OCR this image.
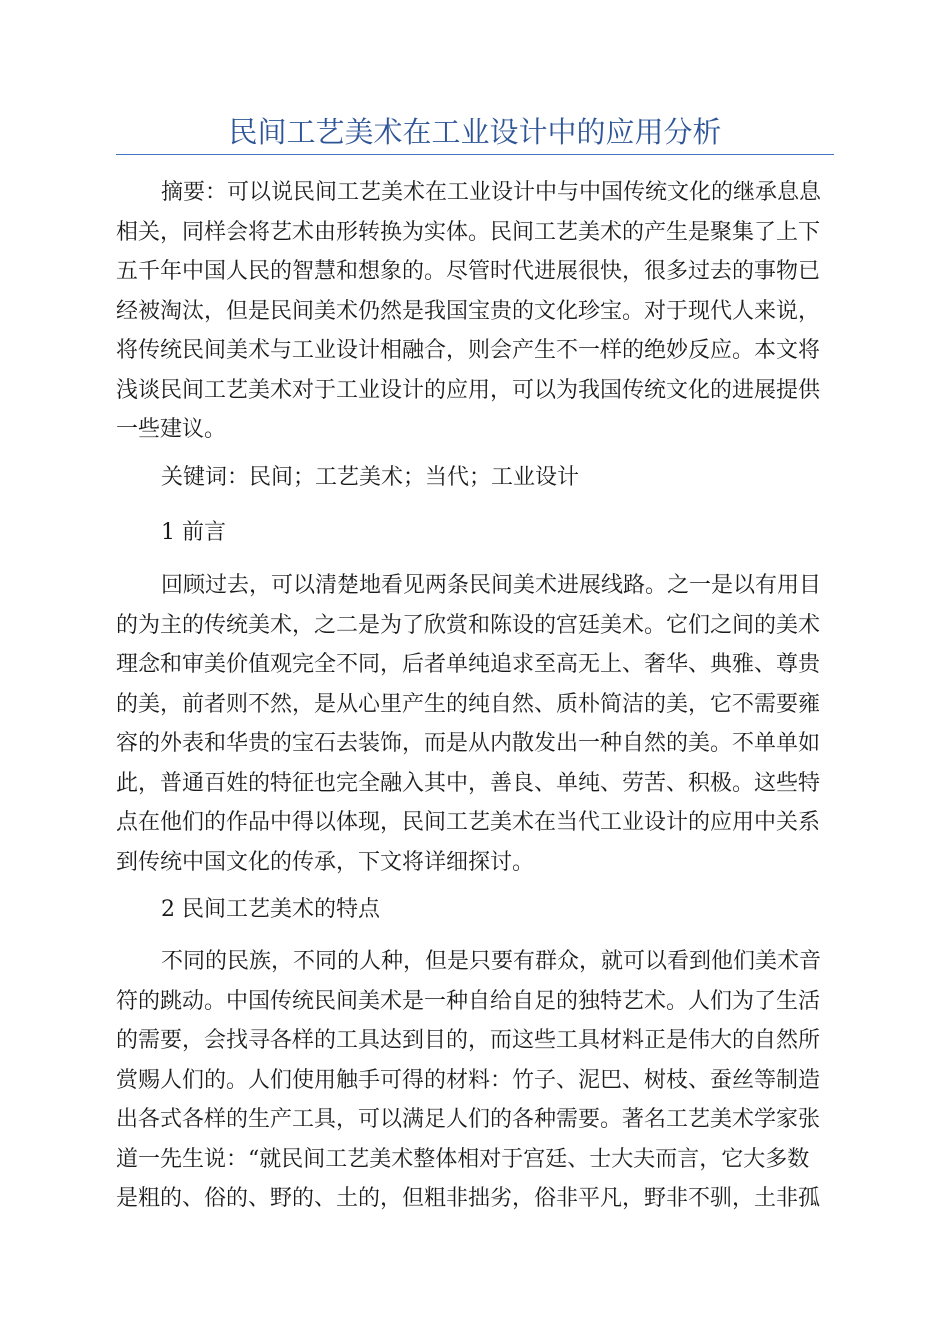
民间工艺美术在工业设计中的应用分析
摘要：可以说民间工艺美术在工业设计中与中国传统文化的继承息息
相关，同样会将艺术由形转换为实体。民间工艺美术的产生是聚集了上下
五千年中国人民的智慧和想象的。尽管时代进展很快，很多过去的事物已
经被淘汰，但是民间美术仍然是我国宝贵的文化珍宝。对于现代人来说，
将传统民间美术与工业设计相融合，则会产生不一样的绝妙反应。本文将
浅谈民间工艺美术对于工业设计的应用，可以为我国传统文化的进展提供
一些建议。
关键词：民间；工艺美术；当代；工业设计
1 前言
回顾过去，可以清楚地看见两条民间美术进展线路。之一是以有用目
的为主的传统美术，之二是为了欣赏和陈设的宫廷美术。它们之间的美术
理念和审美价值观完全不同，后者单纯追求至高无上、奢华、典雅、尊贵
的美，前者则不然，是从心里产生的纯自然、质朴简洁的美，它不需要雍
容的外表和华贵的宝石去装饰，而是从内散发出一种自然的美。不单单如
此，普通百姓的特征也完全融入其中，善良、单纯、劳苦、积极。这些特
点在他们的作品中得以体现，民间工艺美术在当代工业设计的应用中关系
到传统中国文化的传承，下文将详细探讨。
2 民间工艺美术的特点
不同的民族，不同的人种，但是只要有群众，就可以看到他们美术音
符的跳动。中国传统民间美术是一种自给自足的独特艺术。人们为了生活
的需要，会找寻各样的工具达到目的，而这些工具材料正是伟大的自然所
赏赐人们的。人们使用触手可得的材料：竹子、泥巴、树枝、蚕丝等制造
出各式各样的生产工具，可以满足人们的各种需要。著名工艺美术学家张
道一先生说：“就民间工艺美术整体相对于宫廷、士大夫而言，它大多数
是粗的、俗的、野的、土的，但粗非拙劣，俗非平凡，野非不驯，土非孤
